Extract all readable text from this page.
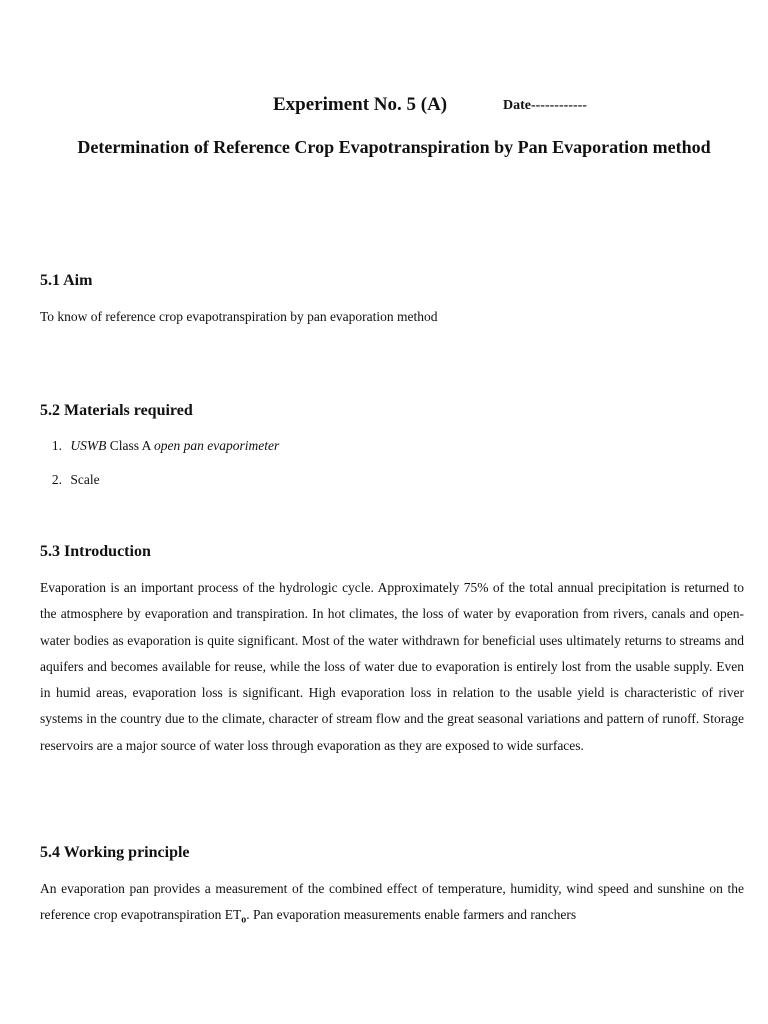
Experiment No. 5 (A)	Date------------
Determination of Reference Crop Evapotranspiration by Pan Evaporation method
5.1 Aim
To know of reference crop evapotranspiration by pan evaporation method
5.2 Materials required
1. USWB Class A open pan evaporimeter
2. Scale
5.3 Introduction
Evaporation is an important process of the hydrologic cycle. Approximately 75% of the total annual precipitation is returned to the atmosphere by evaporation and transpiration. In hot climates, the loss of water by evaporation from rivers, canals and open-water bodies as evaporation is quite significant. Most of the water withdrawn for beneficial uses ultimately returns to streams and aquifers and becomes available for reuse, while the loss of water due to evaporation is entirely lost from the usable supply. Even in humid areas, evaporation loss is significant. High evaporation loss in relation to the usable yield is characteristic of river systems in the country due to the climate, character of stream flow and the great seasonal variations and pattern of runoff. Storage reservoirs are a major source of water loss through evaporation as they are exposed to wide surfaces.
5.4 Working principle
An evaporation pan provides a measurement of the combined effect of temperature, humidity, wind speed and sunshine on the reference crop evapotranspiration $ET_o$. Pan evaporation measurements enable farmers and ranchers
